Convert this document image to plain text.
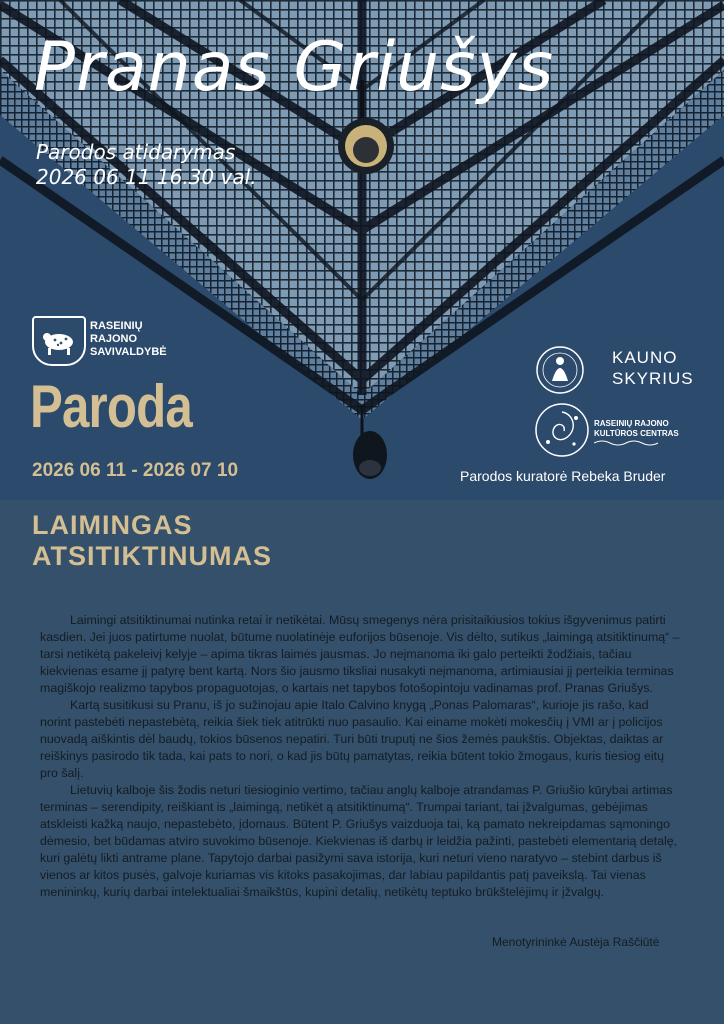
Pranas Griušys
Parodos atidarymas
2026 06 11 16.30 val.
RASEINIŲ
RAJONO
SAVIVALDYBĖ
Paroda
2026 06 11 - 2026 07 10
KAUNO
SKYRIUS
RASEINIŲ RAJONO
KULTŪROS CENTRAS
Parodos kuratorė Rebeka Bruder
LAIMINGAS
ATSITIKTINUMAS

Laimingi atsitiktinumai nutinka retai ir netikėtai. Mūsų smegenys nėra prisitaikiusios tokius išgyvenimus patirti kasdien. Jei juos patirtume nuolat, būtume nuolatinėje euforijos būsenoje. Vis dėlto, sutikus „laimingą atsitiktinumą“ – tarsi netikėtą pakeleivį kelyje – apima tikras laimės jausmas. Jo neįmanoma iki galo perteikti žodžiais, tačiau kiekvienas esame jį patyrę bent kartą. Nors šio jausmo tiksliai nusakyti neįmanoma, artimiausiai jį perteikia terminas magiškojo realizmo tapybos propaguotojas, o kartais net tapybos fotošopintoju vadinamas prof. Pranas Griušys.

Kartą susitikusi su Pranu, iš jo sužinojau apie Italo Calvino knygą „Ponas Palomaras“, kurioje jis rašo, kad norint pastebėti nepastebėtą, reikia šiek tiek atitrūkti nuo pasaulio. Kai einame mokėti mokesčių į VMI ar į policijos nuovadą aiškintis dėl baudų, tokios būsenos nepatiri. Turi būti truputį ne šios žemės paukštis. Objektas, daiktas ar reiškinys pasirodo tik tada, kai pats to nori, o kad jis būtų pamatytas, reikia būtent tokio žmogaus, kuris tiesiog eitų pro šalį.

Lietuvių kalboje šis žodis neturi tiesioginio vertimo, tačiau anglų kalboje atrandamas P. Griušio kūrybai artimas terminas – serendipity, reiškiant is „laimingą, netikėt ą atsitiktinumą“. Trumpai tariant, tai įžvalgumas, gebėjimas atskleisti kažką naujo, nepastebėto, įdomaus. Būtent P. Griušys vaizduoja tai, ką pamato nekreipdamas sąmoningo dėmesio, bet būdamas atviro suvokimo būsenoje. Kiekvienas iš darbų ir leidžia pažinti, pastebėti elementarią detalę, kuri galėtų likti antrame plane. Tapytojo darbai pasižymi sava istorija, kuri neturi vieno naratyvo – stebint darbus iš vienos ar kitos pusės, galvoje kuriamas vis kitoks pasakojimas, dar labiau papildantis patį paveikslą. Tai vienas menininkų, kurių darbai intelektualiai šmaikštūs, kupini detalių, netikėtų teptuko brūkštelėjimų ir įžvalgų.

Menotyrininkė Austėja Raščiūtė
